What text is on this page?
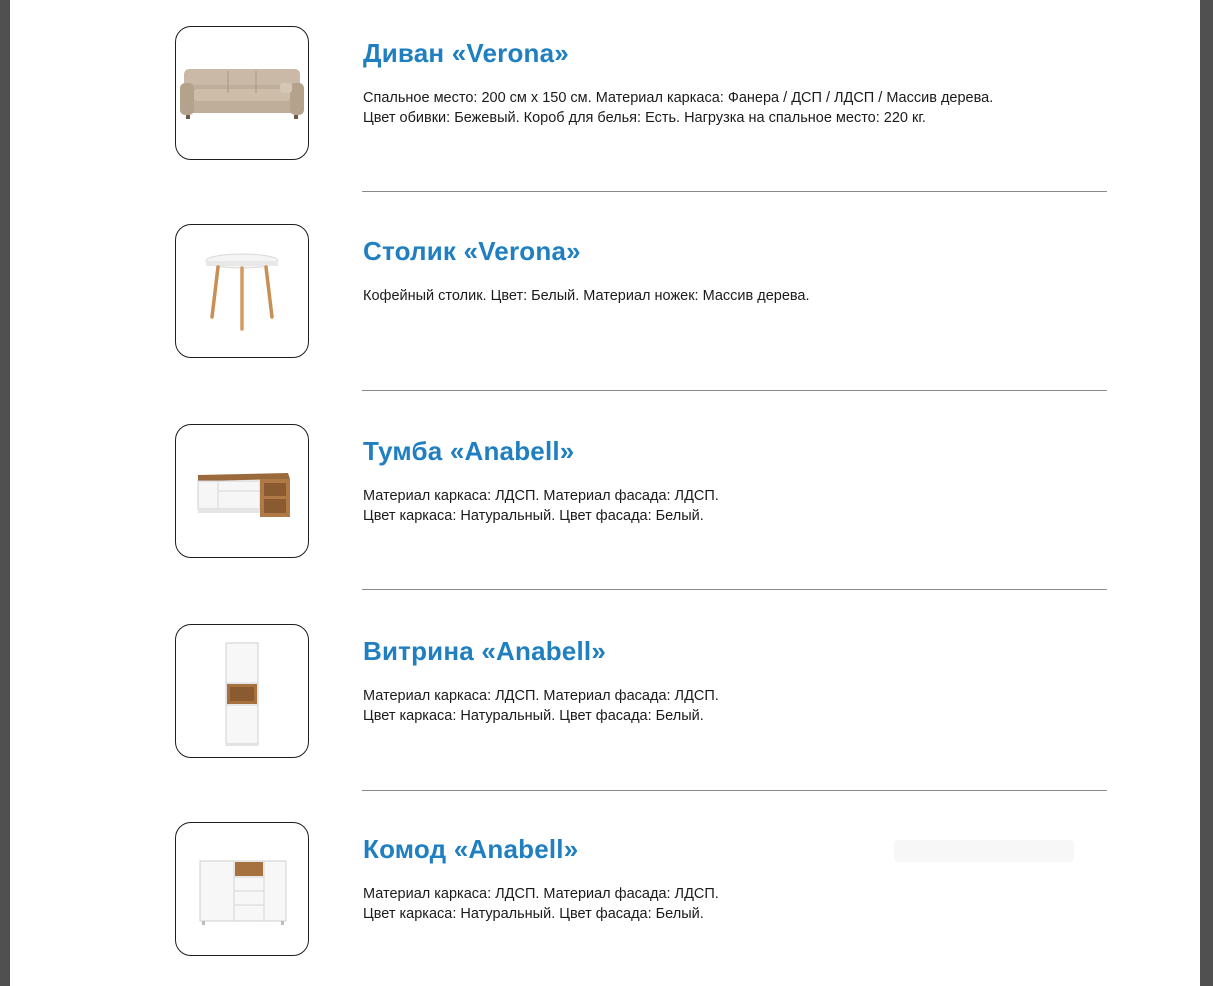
Диван «Verona»

Спальное место: 200 см х 150 см. Материал каркаса: Фанера / ДСП / ЛДСП / Массив дерева.
Цвет обивки: Бежевый. Короб для белья: Есть. Нагрузка на спальное место: 220 кг.

Столик «Verona»

Кофейный столик. Цвет: Белый. Материал ножек: Массив дерева.

Тумба «Anabell»

Материал каркаса: ЛДСП. Материал фасада: ЛДСП.
Цвет каркаса: Натуральный. Цвет фасада: Белый.

Витрина «Anabell»

Материал каркаса: ЛДСП. Материал фасада: ЛДСП.
Цвет каркаса: Натуральный. Цвет фасада: Белый.

Комод «Anabell»

Материал каркаса: ЛДСП. Материал фасада: ЛДСП.
Цвет каркаса: Натуральный. Цвет фасада: Белый.
